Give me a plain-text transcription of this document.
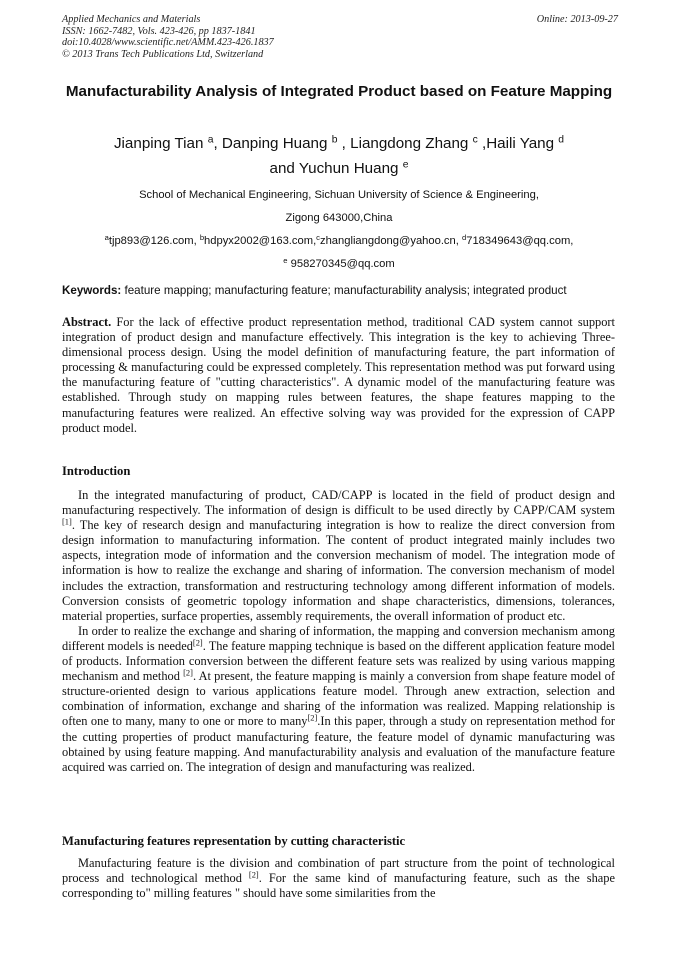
Applied Mechanics and Materials
ISSN: 1662-7482, Vols. 423-426, pp 1837-1841
doi:10.4028/www.scientific.net/AMM.423-426.1837
© 2013 Trans Tech Publications Ltd, Switzerland
Online: 2013-09-27
Manufacturability Analysis of Integrated Product based on Feature Mapping
Jianping Tian $^a$, Danping Huang $^b$ , Liangdong Zhang $^c$ ,Haili Yang $^d$
and Yuchun Huang $^e$
School of Mechanical Engineering, Sichuan University of Science & Engineering,
Zigong 643000,China
$^a$tjp893@126.com, $^b$hdpyx2002@163.com,$^c$zhangliangdong@yahoo.cn, $^d$718349643@qq.com,
$^e$ 958270345@qq.com
Keywords: feature mapping; manufacturing feature; manufacturability analysis; integrated product

Abstract. For the lack of effective product representation method, traditional CAD system cannot support integration of product design and manufacture effectively. This integration is the key to achieving Three-dimensional process design. Using the model definition of manufacturing feature, the part information of processing & manufacturing could be expressed completely. This representation method was put forward using the manufacturing feature of "cutting characteristics". A dynamic model of the manufacturing feature was established. Through study on mapping rules between features, the shape features mapping to the manufacturing features were realized. An effective solving way was provided for the expression of CAPP product model.

Introduction

In the integrated manufacturing of product, CAD/CAPP is located in the field of product design and manufacturing respectively. The information of design is difficult to be used directly by CAPP/CAM system [1]. The key of research design and manufacturing integration is how to realize the direct conversion from design information to manufacturing information. The content of product integrated mainly includes two aspects, integration mode of information and the conversion mechanism of model. The integration mode of information is how to realize the exchange and sharing of information. The conversion mechanism of model includes the extraction, transformation and restructuring technology among different information of models. Conversion consists of geometric topology information and shape characteristics, dimensions, tolerances, material properties, surface properties, assembly requirements, the overall information of product etc.

In order to realize the exchange and sharing of information, the mapping and conversion mechanism among different models is needed[2]. The feature mapping technique is based on the different application feature model of products. Information conversion between the different feature sets was realized by using various mapping mechanism and method [2]. At present, the feature mapping is mainly a conversion from shape feature model of structure-oriented design to various applications feature model. Through anew extraction, selection and combination of information, exchange and sharing of the information was realized. Mapping relationship is often one to many, many to one or more to many[2].In this paper, through a study on representation method for the cutting properties of product manufacturing feature, the feature model of dynamic manufacturing was obtained by using feature mapping. And manufacturability analysis and evaluation of the manufacture feature acquired was carried on. The integration of design and manufacturing was realized.

Manufacturing features representation by cutting characteristic

Manufacturing feature is the division and combination of part structure from the point of technological process and technological method [2]. For the same kind of manufacturing feature, such as the shape corresponding to" milling features " should have some similarities from the
